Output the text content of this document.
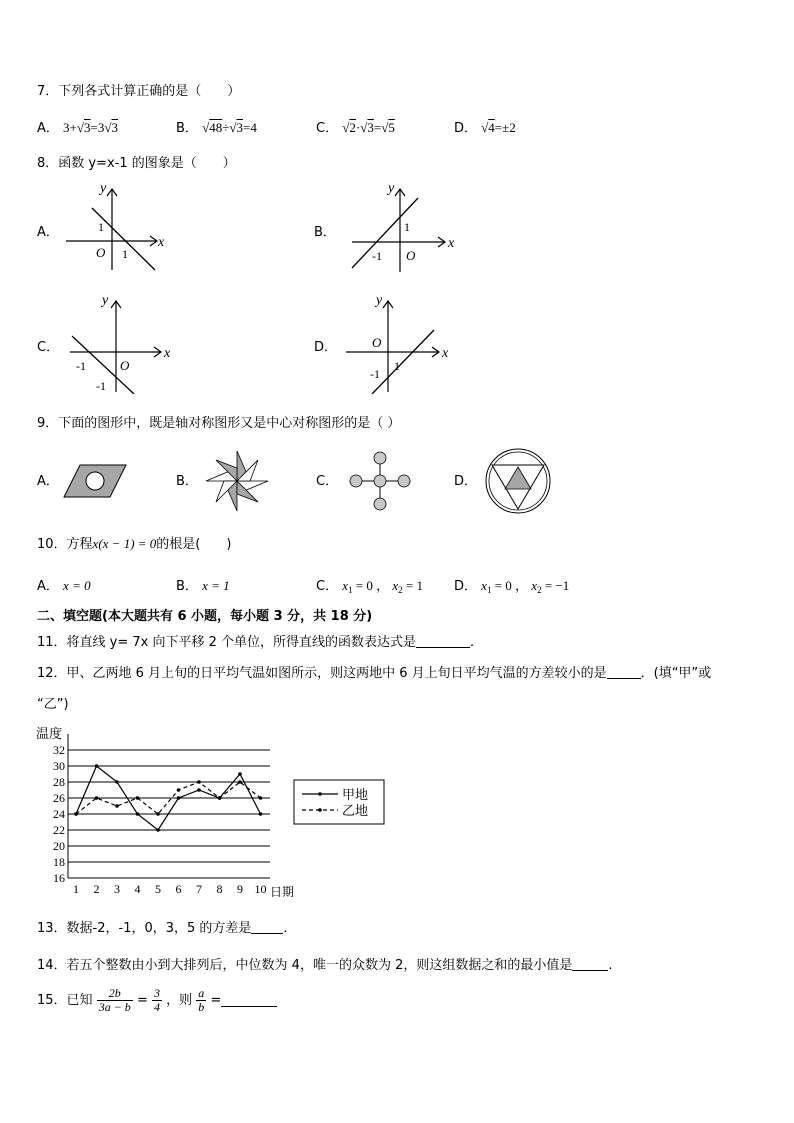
7．下列各式计算正确的是（　　）
A． 3+√3=3√3	B． √48÷√3=4	C． √2·√3=√5	D． √4=±2
8．函数 y=x-1 的图象是（　　）
A．
y
x
1
O 1
B．
y
x
1
-1 O
C．
y
x
-1	O
-1
D．
y
x
O
1
-1
9．下面的图形中，既是轴对称图形又是中心对称图形的是（ ）
A．	B．	C．	D．
10．方程x(x − 1) = 0的根是(　　)
A． x = 0	B． x = 1	C． $x_1 = 0$ ， $x_2 = 1$ D． $x_1 = 0$ ， $x_2 = -1$
二、填空题(本大题共有 6 小题，每小题 3 分，共 18 分)
11．将直线 y= 7x 向下平移 2 个单位，所得直线的函数表达式是	.
12．甲、乙两地 6 月上旬的日平均气温如图所示，则这两地中 6 月上旬日平均气温的方差较小的是	．(填“甲”或
“乙”)
温度
日期
16
18
20
22
24
26
28
30
32
1 2 3 4 5 6 7 8 9 10
甲地
乙地
13．数据-2，-1，0，3，5 的方差是 .
14．若五个整数由小到大排列后，中位数为 4，唯一的众数为 2，则这组数据之和的最小值是	.
15．已知 $\frac{2b}{3a - b} = \frac{3}{4}$ ，则 $\frac{a}{b}$ =
